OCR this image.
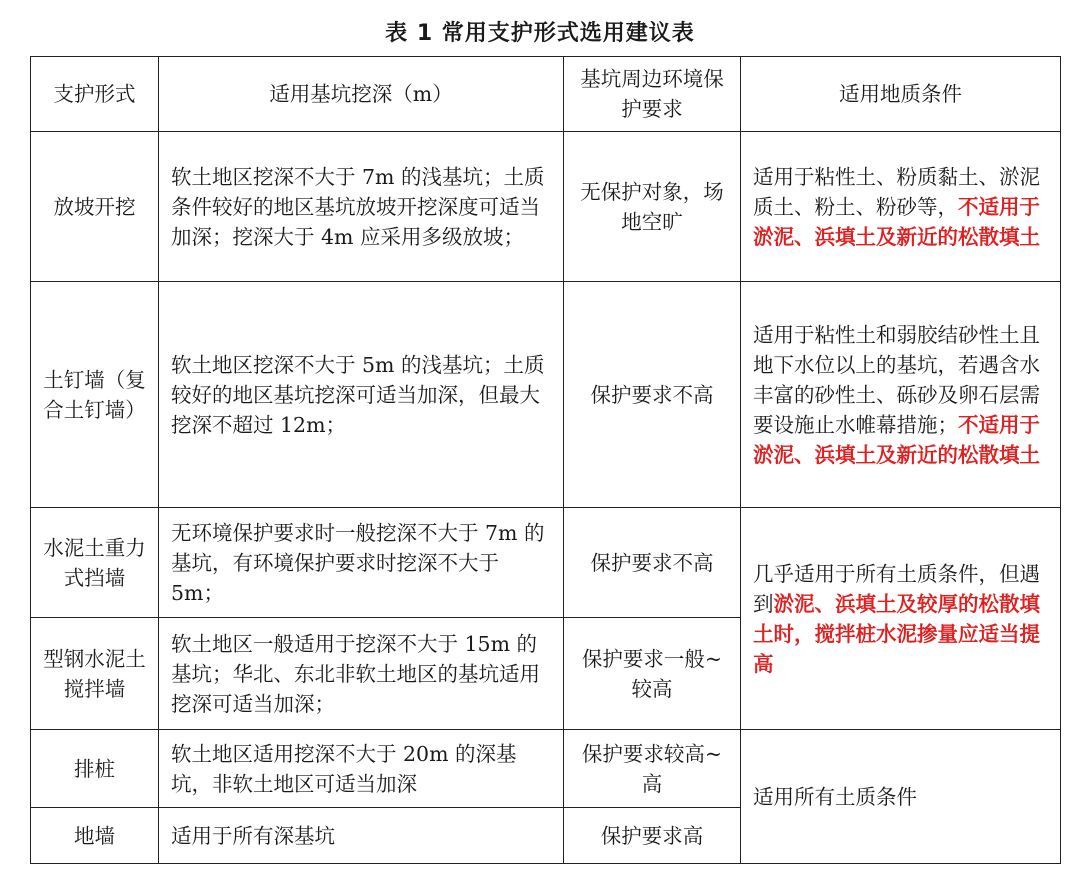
表 1 常用支护形式选用建议表
支护形式	适用基坑挖深（m）	基坑周边环境保护要求	适用地质条件
放坡开挖	软土地区挖深不大于 7m 的浅基坑；土质条件较好的地区基坑放坡开挖深度可适当加深；挖深大于 4m 应采用多级放坡；	无保护对象，场地空旷	适用于粘性土、粉质黏土、淤泥质土、粉土、粉砂等，不适用于淤泥、浜填土及新近的松散填土
土钉墙（复合土钉墙）	软土地区挖深不大于 5m 的浅基坑；土质较好的地区基坑挖深可适当加深，但最大挖深不超过 12m；	保护要求不高	适用于粘性土和弱胶结砂性土且地下水位以上的基坑，若遇含水丰富的砂性土、砾砂及卵石层需要设施止水帷幕措施；不适用于淤泥、浜填土及新近的松散填土
水泥土重力式挡墙	无环境保护要求时一般挖深不大于 7m 的基坑，有环境保护要求时挖深不大于 5m；	保护要求不高	几乎适用于所有土质条件，但遇到淤泥、浜填土及较厚的松散填土时，搅拌桩水泥掺量应适当提高
型钢水泥土搅拌墙	软土地区一般适用于挖深不大于 15m 的基坑；华北、东北非软土地区的基坑适用挖深可适当加深；	保护要求一般~较高	
排桩	软土地区适用挖深不大于 20m 的深基坑，非软土地区可适当加深	保护要求较高~高	适用所有土质条件
地墙	适用于所有深基坑	保护要求高	
